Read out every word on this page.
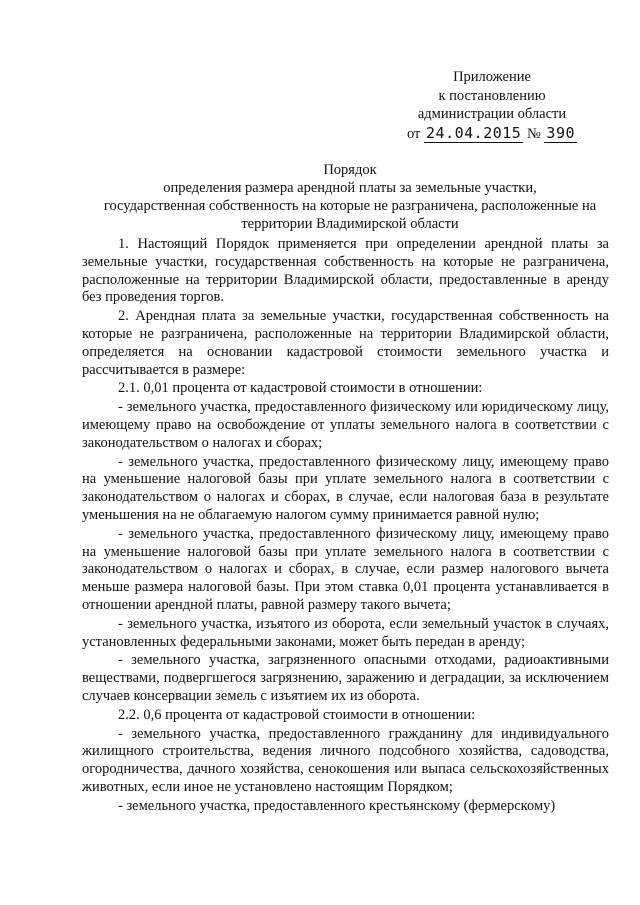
Приложение
к постановлению
администрации области
от 24.04.2015 № 390
Порядок
определения размера арендной платы за земельные участки,
государственная собственность на которые не разграничена, расположенные на
территории Владимирской области

1. Настоящий Порядок применяется при определении арендной платы за земельные участки, государственная собственность на которые не разграничена, расположенные на территории Владимирской области, предоставленные в аренду без проведения торгов.

2. Арендная плата за земельные участки, государственная собственность на которые не разграничена, расположенные на территории Владимирской области, определяется на основании кадастровой стоимости земельного участка и рассчитывается в размере:

2.1. 0,01 процента от кадастровой стоимости в отношении:

- земельного участка, предоставленного физическому или юридическому лицу, имеющему право на освобождение от уплаты земельного налога в соответствии с законодательством о налогах и сборах;

- земельного участка, предоставленного физическому лицу, имеющему право на уменьшение налоговой базы при уплате земельного налога в соответствии с законодательством о налогах и сборах, в случае, если налоговая база в результате уменьшения на не облагаемую налогом сумму принимается равной нулю;

- земельного участка, предоставленного физическому лицу, имеющему право на уменьшение налоговой базы при уплате земельного налога в соответствии с законодательством о налогах и сборах, в случае, если размер налогового вычета меньше размера налоговой базы. При этом ставка 0,01 процента устанавливается в отношении арендной платы, равной размеру такого вычета;

- земельного участка, изъятого из оборота, если земельный участок в случаях, установленных федеральными законами, может быть передан в аренду;

- земельного участка, загрязненного опасными отходами, радиоактивными веществами, подвергшегося загрязнению, заражению и деградации, за исключением случаев консервации земель с изъятием их из оборота.

2.2. 0,6 процента от кадастровой стоимости в отношении:

- земельного участка, предоставленного гражданину для индивидуального жилищного строительства, ведения личного подсобного хозяйства, садоводства, огородничества, дачного хозяйства, сенокошения или выпаса сельскохозяйственных животных, если иное не установлено настоящим Порядком;

- земельного участка, предоставленного крестьянскому (фермерскому)
